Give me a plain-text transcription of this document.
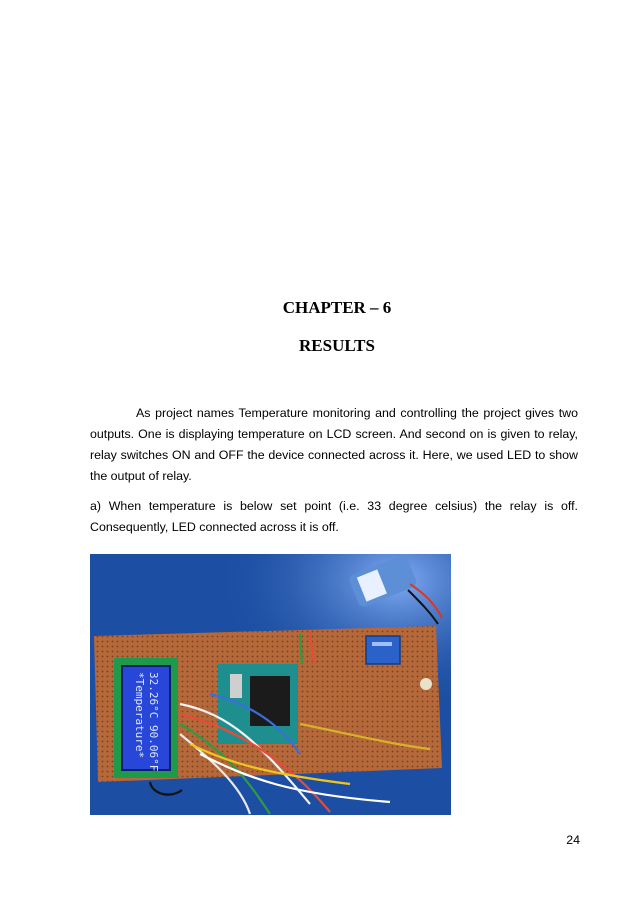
CHAPTER – 6
RESULTS

As project names Temperature monitoring and controlling the project gives two outputs. One is displaying temperature on LCD screen. And second on is given to relay, relay switches ON and OFF the device connected across it. Here, we used LED to show the output of relay.

a) When temperature is below set point (i.e. 33 degree celsius) the relay is off. Consequently, LED connected across it is off.

*Temperature* 32.26°C 90.06°F
24
